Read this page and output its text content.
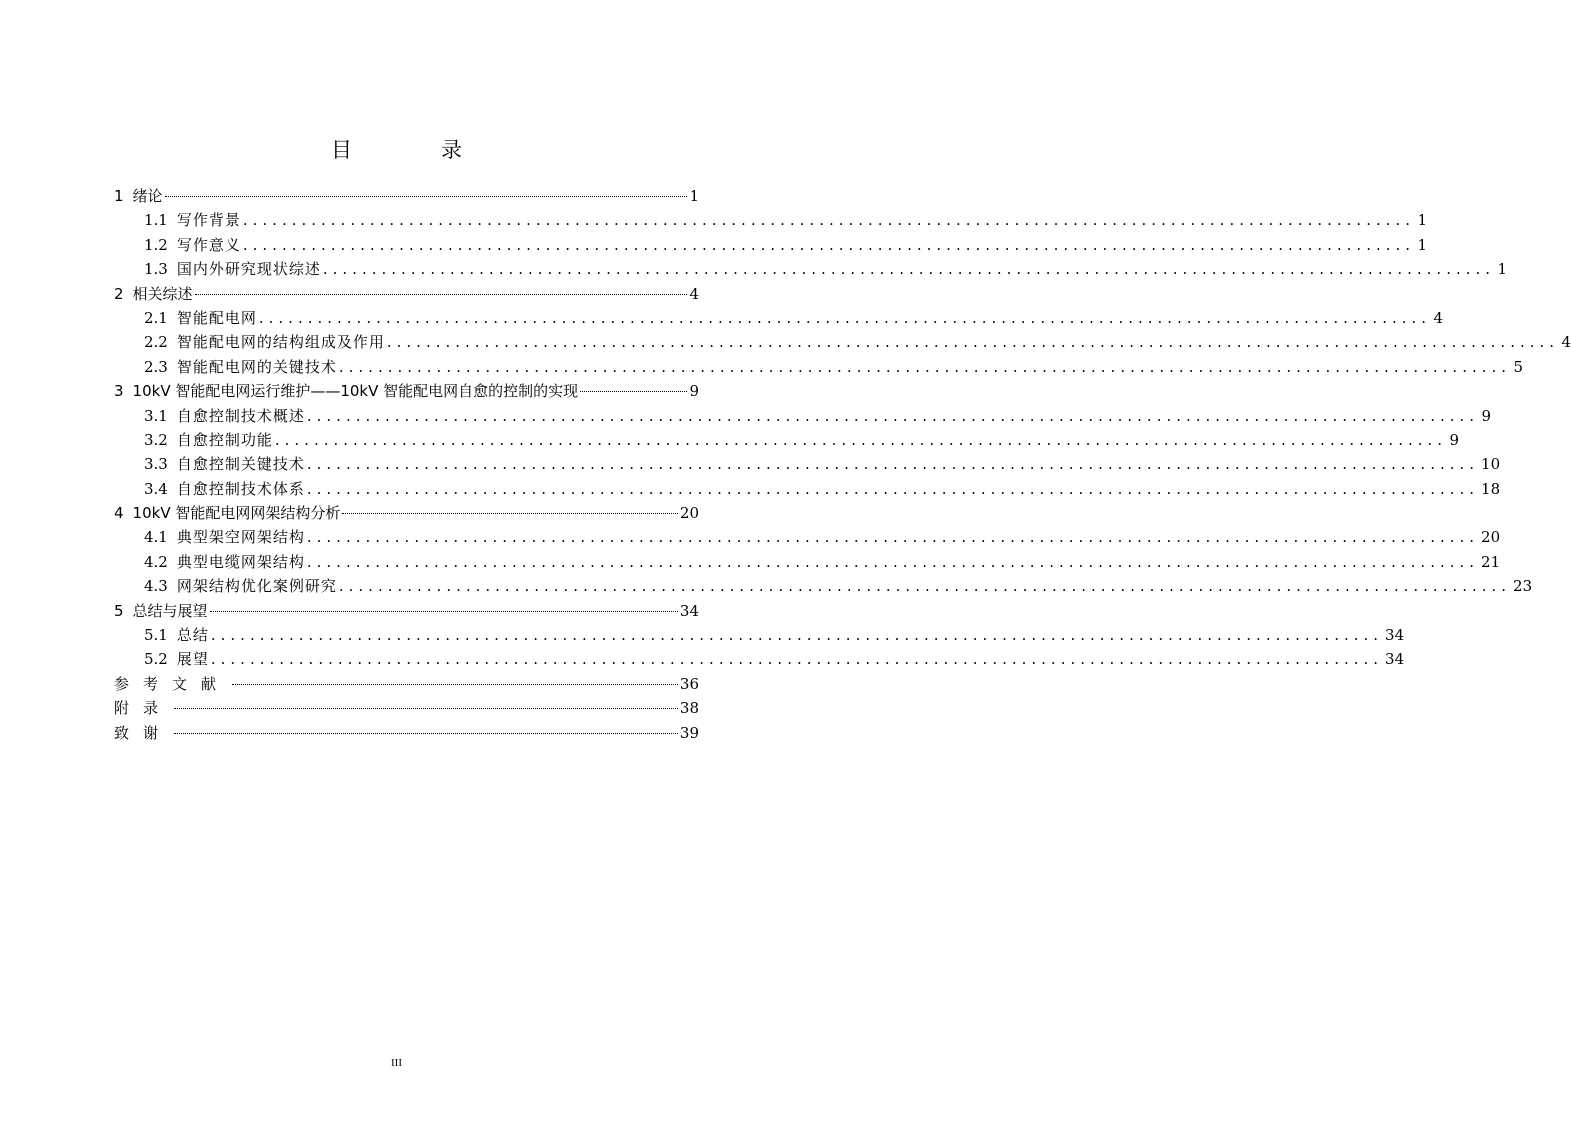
目　录
1 绪论	1
1.1 写作背景 ........................................................................................................................ 1
1.2 写作意义 ........................................................................................................................ 1
1.3 国内外研究现状综述 ........................................................................................................................ 1
2 相关综述	4
2.1 智能配电网 ........................................................................................................................ 4
2.2 智能配电网的结构组成及作用 ........................................................................................................................ 4
2.3 智能配电网的关键技术 ........................................................................................................................ 5
3 10kV 智能配电网运行维护——10kV 智能配电网自愈的控制的实现	9
3.1 自愈控制技术概述 ........................................................................................................................ 9
3.2 自愈控制功能 ........................................................................................................................ 9
3.3 自愈控制关键技术 ........................................................................................................................ 10
3.4 自愈控制技术体系 ........................................................................................................................ 18
4 10kV 智能配电网网架结构分析	20
4.1 典型架空网架结构 ........................................................................................................................ 20
4.2 典型电缆网架结构 ........................................................................................................................ 21
4.3 网架结构优化案例研究 ........................................................................................................................ 23
5 总结与展望	34
5.1 总结 ........................................................................................................................ 34
5.2 展望 ........................................................................................................................ 34
参考文献	36
附录	38
致谢	39
III
